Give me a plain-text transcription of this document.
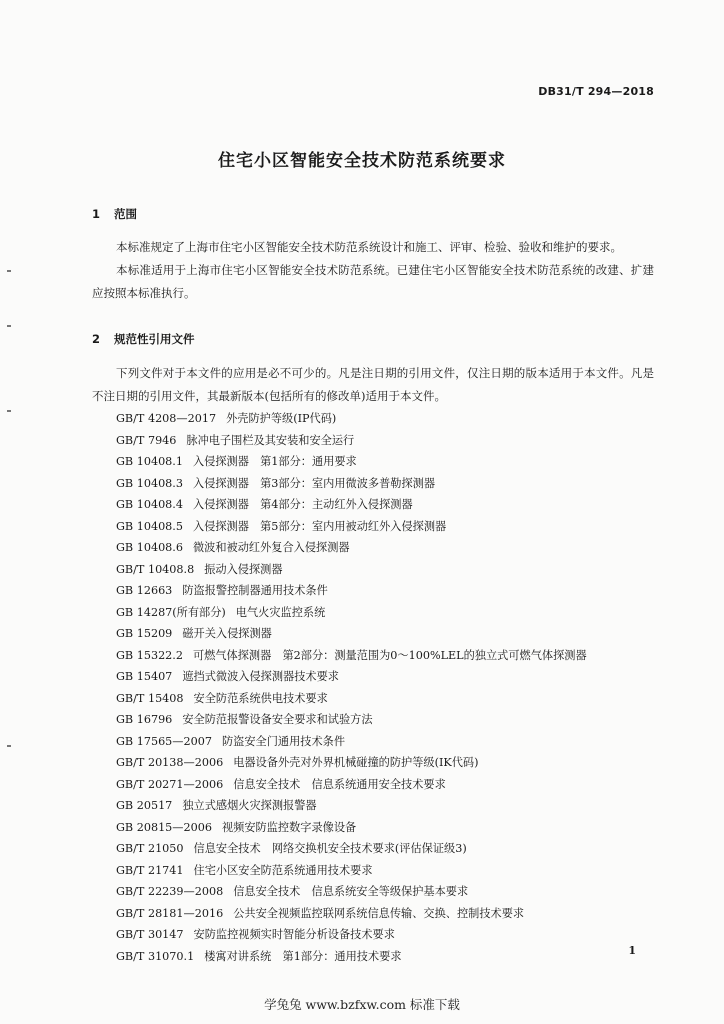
DB31/T 294—2018
住宅小区智能安全技术防范系统要求
1 范围

本标准规定了上海市住宅小区智能安全技术防范系统设计和施工、评审、检验、验收和维护的要求。

本标准适用于上海市住宅小区智能安全技术防范系统。已建住宅小区智能安全技术防范系统的改建、扩建应按照本标准执行。

2 规范性引用文件

下列文件对于本文件的应用是必不可少的。凡是注日期的引用文件，仅注日期的版本适用于本文件。凡是不注日期的引用文件，其最新版本(包括所有的修改单)适用于本文件。

GB/T 4208—2017 外壳防护等级(IP代码)
GB/T 7946 脉冲电子围栏及其安装和安全运行
GB 10408.1 入侵探测器　第1部分：通用要求
GB 10408.3 入侵探测器　第3部分：室内用微波多普勒探测器
GB 10408.4 入侵探测器　第4部分：主动红外入侵探测器
GB 10408.5 入侵探测器　第5部分：室内用被动红外入侵探测器
GB 10408.6 微波和被动红外复合入侵探测器
GB/T 10408.8 振动入侵探测器
GB 12663 防盗报警控制器通用技术条件
GB 14287(所有部分) 电气火灾监控系统
GB 15209 磁开关入侵探测器
GB 15322.2 可燃气体探测器　第2部分：测量范围为0～100%LEL的独立式可燃气体探测器
GB 15407 遮挡式微波入侵探测器技术要求
GB/T 15408 安全防范系统供电技术要求
GB 16796 安全防范报警设备安全要求和试验方法
GB 17565—2007 防盗安全门通用技术条件
GB/T 20138—2006 电器设备外壳对外界机械碰撞的防护等级(IK代码)
GB/T 20271—2006 信息安全技术　信息系统通用安全技术要求
GB 20517 独立式感烟火灾探测报警器
GB 20815—2006 视频安防监控数字录像设备
GB/T 21050 信息安全技术　网络交换机安全技术要求(评估保证级3)
GB/T 21741 住宅小区安全防范系统通用技术要求
GB/T 22239—2008 信息安全技术　信息系统安全等级保护基本要求
GB/T 28181—2016 公共安全视频监控联网系统信息传输、交换、控制技术要求
GB/T 30147 安防监控视频实时智能分析设备技术要求
GB/T 31070.1 楼寓对讲系统　第1部分：通用技术要求	1
学兔兔 www.bzfxw.com 标准下载
